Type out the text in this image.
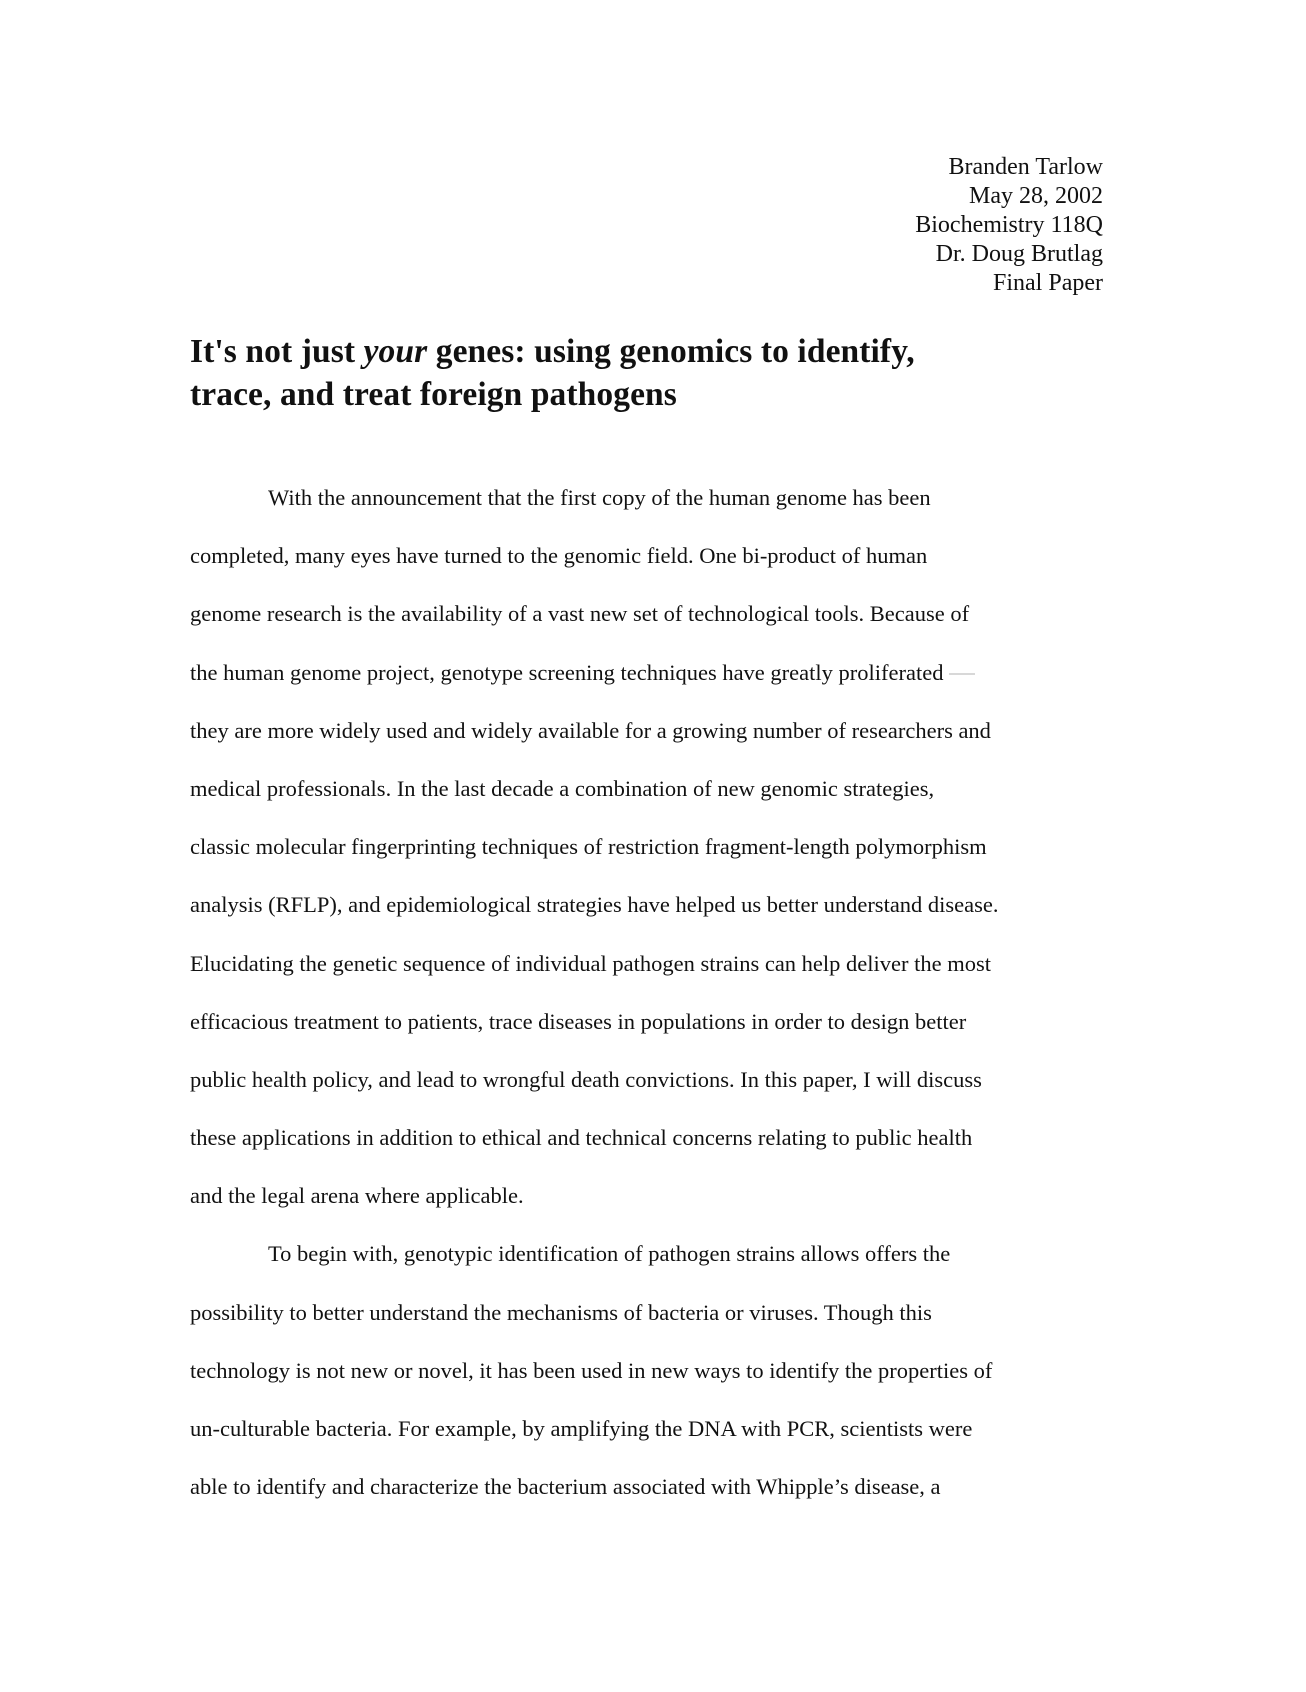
Branden Tarlow
May 28, 2002
Biochemistry 118Q
Dr. Doug Brutlag
Final Paper
It's not just your genes: using genomics to identify,
trace, and treat foreign pathogens
With the announcement that the first copy of the human genome has been
completed, many eyes have turned to the genomic field. One bi-product of human
genome research is the availability of a vast new set of technological tools. Because of
the human genome project, genotype screening techniques have greatly proliferated
they are more widely used and widely available for a growing number of researchers and
medical professionals. In the last decade a combination of new genomic strategies,
classic molecular fingerprinting techniques of restriction fragment-length polymorphism
analysis (RFLP), and epidemiological strategies have helped us better understand disease.
Elucidating the genetic sequence of individual pathogen strains can help deliver the most
efficacious treatment to patients, trace diseases in populations in order to design better
public health policy, and lead to wrongful death convictions. In this paper, I will discuss
these applications in addition to ethical and technical concerns relating to public health
and the legal arena where applicable.
To begin with, genotypic identification of pathogen strains allows offers the
possibility to better understand the mechanisms of bacteria or viruses. Though this
technology is not new or novel, it has been used in new ways to identify the properties of
un-culturable bacteria. For example, by amplifying the DNA with PCR, scientists were
able to identify and characterize the bacterium associated with Whipple’s disease, a
